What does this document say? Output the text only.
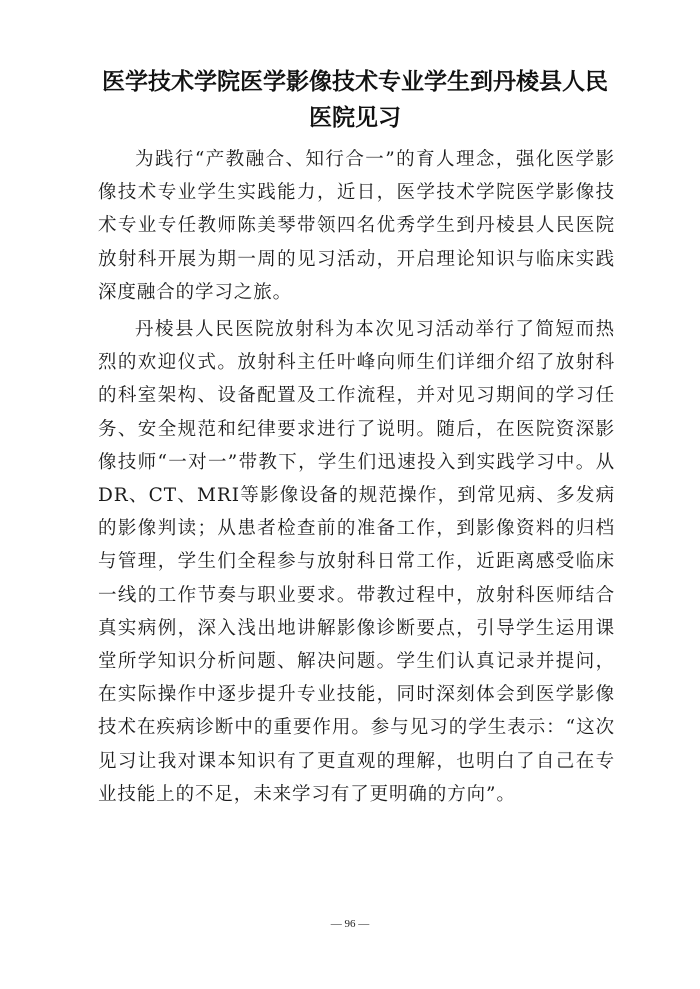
医学技术学院医学影像技术专业学生到丹棱县人民医院见习

为践行“产教融合、知行合一”的育人理念，强化医学影像技术专业学生实践能力，近日，医学技术学院医学影像技术专业专任教师陈美琴带领四名优秀学生到丹棱县人民医院放射科开展为期一周的见习活动，开启理论知识与临床实践深度融合的学习之旅。

丹棱县人民医院放射科为本次见习活动举行了简短而热烈的欢迎仪式。放射科主任叶峰向师生们详细介绍了放射科的科室架构、设备配置及工作流程，并对见习期间的学习任务、安全规范和纪律要求进行了说明。随后，在医院资深影像技师“一对一”带教下，学生们迅速投入到实践学习中。从DR、CT、MRI等影像设备的规范操作，到常见病、多发病的影像判读；从患者检查前的准备工作，到影像资料的归档与管理，学生们全程参与放射科日常工作，近距离感受临床一线的工作节奏与职业要求。带教过程中，放射科医师结合真实病例，深入浅出地讲解影像诊断要点，引导学生运用课堂所学知识分析问题、解决问题。学生们认真记录并提问，在实际操作中逐步提升专业技能，同时深刻体会到医学影像技术在疾病诊断中的重要作用。参与见习的学生表示：“这次见习让我对课本知识有了更直观的理解，也明白了自己在专业技能上的不足，未来学习有了更明确的方向”。

— 96 —
